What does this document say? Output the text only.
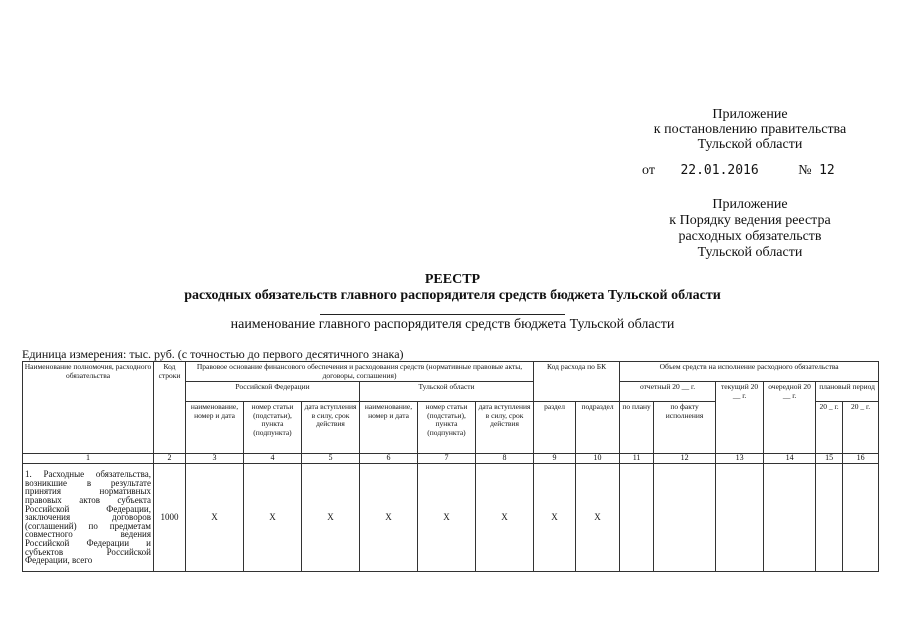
Приложение
к постановлению правительства
Тульской области
от 22.01.2016	№ 12
Приложение
к Порядку ведения реестра
расходных обязательств
Тульской области
РЕЕСТР
расходных обязательств главного распорядителя средств бюджета Тульской области
наименование главного распорядителя средств бюджета Тульской области
Единица измерения: тыс. руб. (с точностью до первого десятичного знака)
Наименование полномочия, расходного обязательства	Код строки	Правовое основание финансового обеспечения и расходования средств (нормативные правовые акты, договоры, соглашения)						Код расхода по БК		Объем средств на исполнение расходного обязательства					
		Российской Федерации			Тульской области					отчетный 20 __ г.		текущий 20 __ г.	очередной 20 __ г.	плановый период	
		наименование, номер и дата	номер статьи (подстатьи), пункта (подпункта)	дата вступления в силу, срок действия	наименование, номер и дата	номер статьи (подстатьи), пункта (подпункта)	дата вступления в силу, срок действия	раздел	подраздел	по плану	по факту исполнения			20 _ г.	20 _ г.
1	2	3	4	5	6	7	8	9	10	11	12	13	14	15	16
1. Расходные обязательства, возникшие в результате принятия нормативных правовых актов субъекта Российской Федерации, заключения договоров (соглашений) по предметам совместного ведения Российской Федерации и субъектов Российской Федерации, всего	1000	X	X	X	X	X	X	X	X						
